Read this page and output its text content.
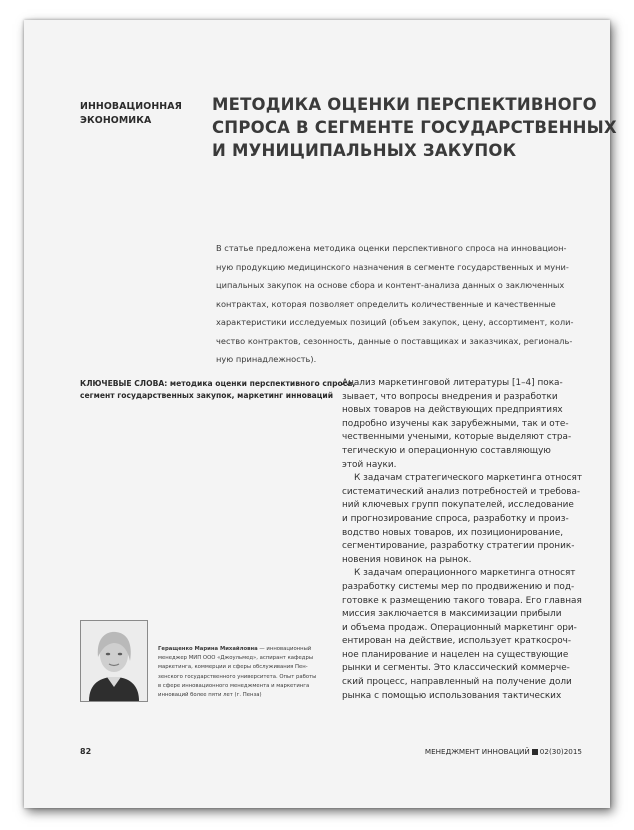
ИННОВАЦИОННАЯ
ЭКОНОМИКА
МЕТОДИКА ОЦЕНКИ ПЕРСПЕКТИВНОГО
СПРОСА В СЕГМЕНТЕ ГОСУДАРСТВЕННЫХ
И МУНИЦИПАЛЬНЫХ ЗАКУПОК
В статье предложена методика оценки перспективного спроса на инновацион-
ную продукцию медицинского назначения в сегменте государственных и муни-
ципальных закупок на основе сбора и контент-анализа данных о заключенных
контрактах, которая позволяет определить количественные и качественные
характеристики исследуемых позиций (объем закупок, цену, ассортимент, коли-
чество контрактов, сезонность, данные о поставщиках и заказчиках, региональ-
ную принадлежность).
КЛЮЧЕВЫЕ СЛОВА: методика оценки перспективного спроса,
сегмент государственных закупок, маркетинг инноваций
Анализ маркетинговой литературы [1–4] пока-
зывает, что вопросы внедрения и разработки
новых товаров на действующих предприятиях
подробно изучены как зарубежными, так и оте-
чественными учеными, которые выделяют стра-
тегическую и операционную составляющую
этой науки.
К задачам стратегического маркетинга относят
систематический анализ потребностей и требова-
ний ключевых групп покупателей, исследование
и прогнозирование спроса, разработку и произ-
водство новых товаров, их позиционирование,
сегментирование, разработку стратегии проник-
новения новинок на рынок.
К задачам операционного маркетинга относят
разработку системы мер по продвижению и под-
готовке к размещению такого товара. Его главная
миссия заключается в максимизации прибыли
и объема продаж. Операционный маркетинг ори-
ентирован на действие, использует краткосроч-
ное планирование и нацелен на существующие
рынки и сегменты. Это классический коммерче-
ский процесс, направленный на получение доли
рынка с помощью использования тактических
Геращенко Марина Михайловна — инновационный
менеджер МИП ООО «Джоульмед», аспирант кафедры
маркетинга, коммерции и сферы обслуживания Пен-
зенского государственного университета. Опыт работы
в сфере инновационного менеджмента и маркетинга
инноваций более пяти лет (г. Пенза)
82	МЕНЕДЖМЕНТ ИННОВАЦИЙ 02(30)2015
